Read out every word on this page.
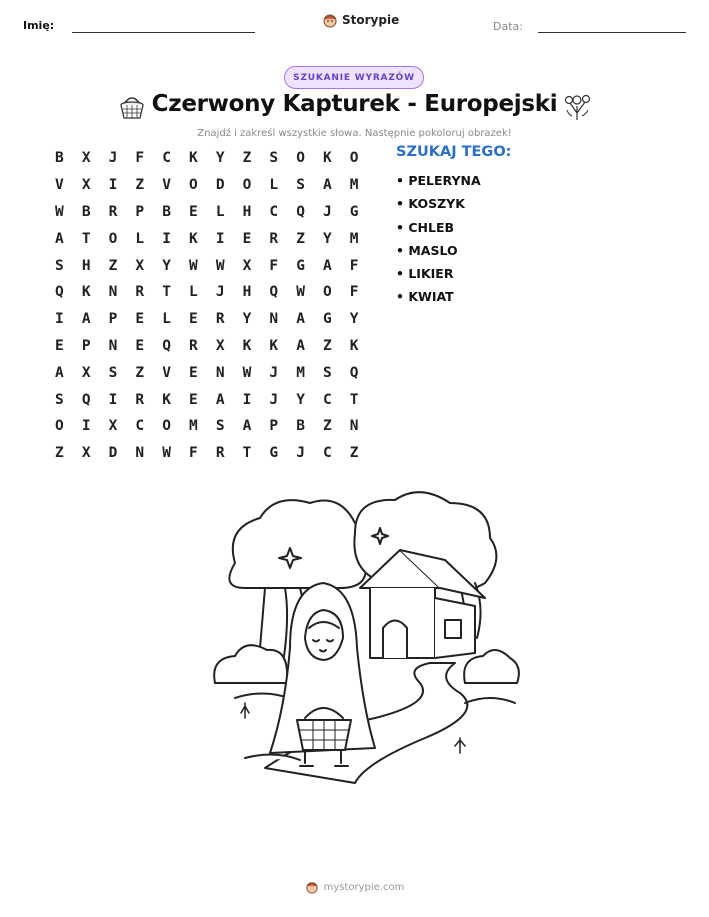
Imię:	Storypie	Data:
SZUKANIE WYRAZÓW
Czerwony Kapturek - Europejski
Znajdź i zakreśl wszystkie słowa. Następnie pokoloruj obrazek!
B	X	J	F	C	K	Y	Z	S	O	K	O
V	X	I	Z	V	O	D	O	L	S	A	M
W	B	R	P	B	E	L	H	C	Q	J	G
A	T	O	L	I	K	I	E	R	Z	Y	M
S	H	Z	X	Y	W	W	X	F	G	A	F
Q	K	N	R	T	L	J	H	Q	W	O	F
I	A	P	E	L	E	R	Y	N	A	G	Y
E	P	N	E	Q	R	X	K	K	A	Z	K
A	X	S	Z	V	E	N	W	J	M	S	Q
S	Q	I	R	K	E	A	I	J	Y	C	T
O	I	X	C	O	M	S	A	P	B	Z	N
Z	X	D	N	W	F	R	T	G	J	C	Z
SZUKAJ TEGO:
• PELERYNA
• KOSZYK
• CHLEB
• MASLO
• LIKIER
• KWIAT
mystorypie.com
